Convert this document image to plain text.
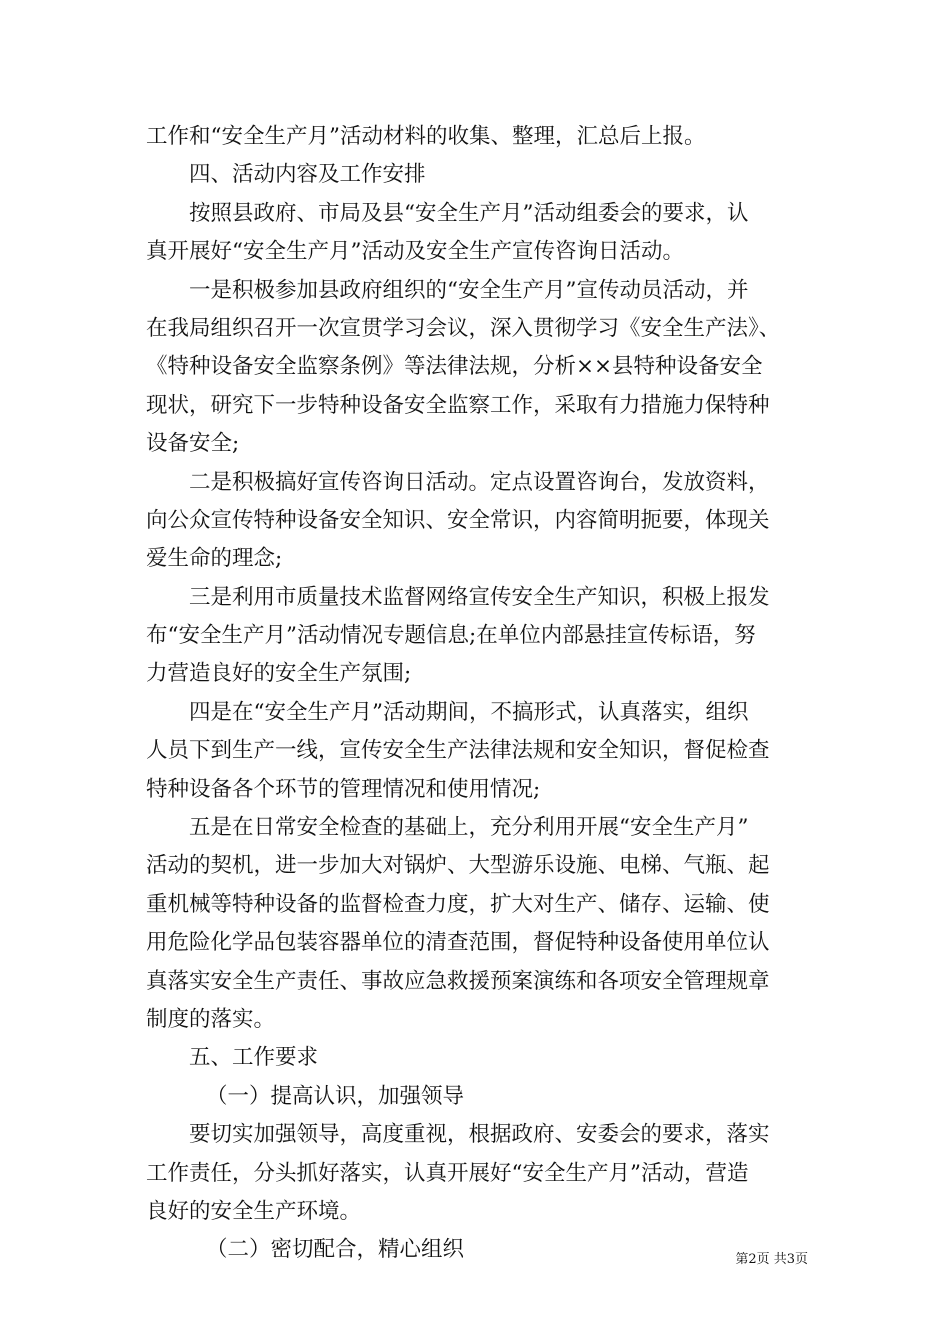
工作和“安全生产月”活动材料的收集、整理，汇总后上报。
四、活动内容及工作安排
按照县政府、市局及县“安全生产月”活动组委会的要求，认
真开展好“安全生产月”活动及安全生产宣传咨询日活动。
一是积极参加县政府组织的“安全生产月”宣传动员活动，并
在我局组织召开一次宣贯学习会议，深入贯彻学习《安全生产法》、
《特种设备安全监察条例》等法律法规，分析××县特种设备安全
现状，研究下一步特种设备安全监察工作，采取有力措施力保特种
设备安全;
二是积极搞好宣传咨询日活动。定点设置咨询台，发放资料，
向公众宣传特种设备安全知识、安全常识，内容简明扼要，体现关
爱生命的理念;
三是利用市质量技术监督网络宣传安全生产知识，积极上报发
布“安全生产月”活动情况专题信息;在单位内部悬挂宣传标语，努
力营造良好的安全生产氛围;
四是在“安全生产月”活动期间，不搞形式，认真落实，组织
人员下到生产一线，宣传安全生产法律法规和安全知识，督促检查
特种设备各个环节的管理情况和使用情况;
五是在日常安全检查的基础上，充分利用开展“安全生产月”
活动的契机，进一步加大对锅炉、大型游乐设施、电梯、气瓶、起
重机械等特种设备的监督检查力度，扩大对生产、储存、运输、使
用危险化学品包装容器单位的清查范围，督促特种设备使用单位认
真落实安全生产责任、事故应急救援预案演练和各项安全管理规章
制度的落实。
五、工作要求
（一）提高认识，加强领导
要切实加强领导，高度重视，根据政府、安委会的要求，落实
工作责任，分头抓好落实，认真开展好“安全生产月”活动，营造
良好的安全生产环境。
（二）密切配合，精心组织	第2页 共3页
